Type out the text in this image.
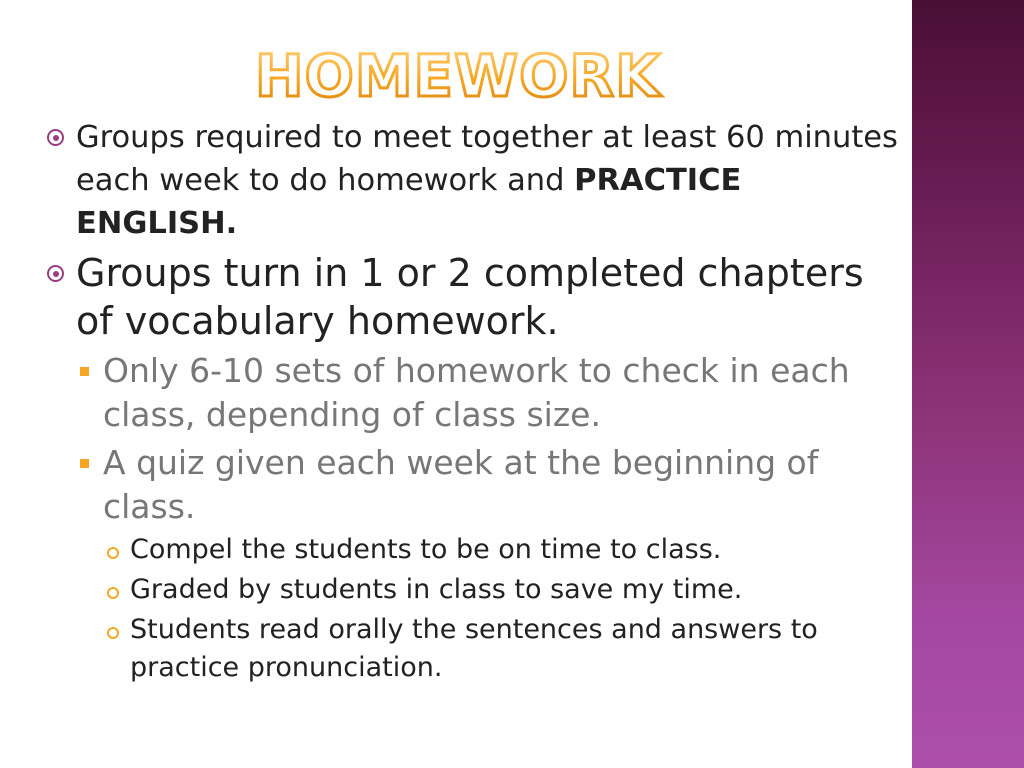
HOMEWORK
Groups required to meet together at least 60 minutes each week to do homework and PRACTICE ENGLISH.
Groups turn in 1 or 2 completed chapters of vocabulary homework.
Only 6-10 sets of homework to check in each class, depending of class size.
A quiz given each week at the beginning of class.
Compel the students to be on time to class.
Graded by students in class to save my time.
Students read orally the sentences and answers to practice pronunciation.
